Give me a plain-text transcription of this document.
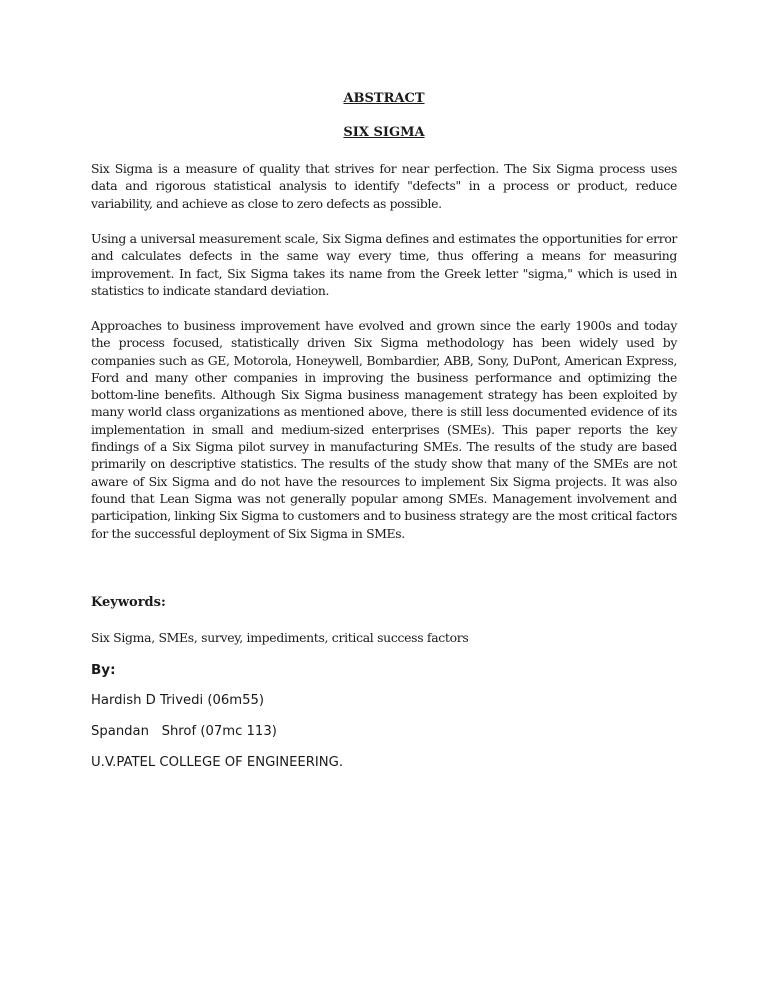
ABSTRACT
SIX SIGMA

Six Sigma is a measure of quality that strives for near perfection. The Six Sigma process uses data and rigorous statistical analysis to identify "defects" in a process or product, reduce variability, and achieve as close to zero defects as possible.

Using a universal measurement scale, Six Sigma defines and estimates the opportunities for error and calculates defects in the same way every time, thus offering a means for measuring improvement. In fact, Six Sigma takes its name from the Greek letter "sigma," which is used in statistics to indicate standard deviation.

Approaches to business improvement have evolved and grown since the early 1900s and today the process focused, statistically driven Six Sigma methodology has been widely used by companies such as GE, Motorola, Honeywell, Bombardier, ABB, Sony, DuPont, American Express, Ford and many other companies in improving the business performance and optimizing the bottom-line benefits. Although Six Sigma business management strategy has been exploited by many world class organizations as mentioned above, there is still less documented evidence of its implementation in small and medium-sized enterprises (SMEs). This paper reports the key findings of a Six Sigma pilot survey in manufacturing SMEs. The results of the study are based primarily on descriptive statistics. The results of the study show that many of the SMEs are not aware of Six Sigma and do not have the resources to implement Six Sigma projects. It was also found that Lean Sigma was not generally popular among SMEs. Management involvement and participation, linking Six Sigma to customers and to business strategy are the most critical factors for the successful deployment of Six Sigma in SMEs.

Keywords:

Six Sigma, SMEs, survey, impediments, critical success factors

By:

Hardish D Trivedi (06m55)

Spandan   Shrof (07mc 113)

U.V.PATEL COLLEGE OF ENGINEERING.
